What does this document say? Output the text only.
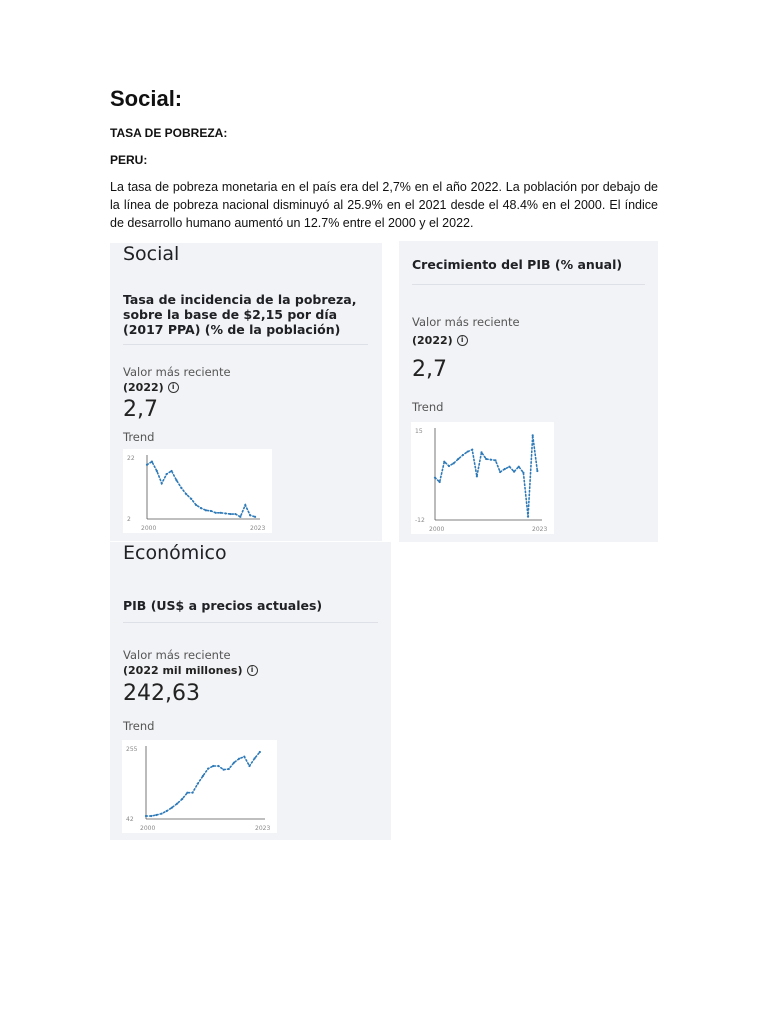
Social:

TASA DE POBREZA:

PERU:

La tasa de pobreza monetaria en el país era del 2,7% en el año 2022. La población por debajo de la línea de pobreza nacional disminuyó al 25.9% en el 2021 desde el 48.4% en el 2000. El índice de desarrollo humano aumentó un 12.7% entre el 2000 y el 2022.

Social

Tasa de incidencia de la pobreza, sobre la base de $2,15 por día (2017 PPA) (% de la población)

Valor más reciente
(2022)	i
2,7
Trend
22
2
2000	2023

Crecimiento del PIB (% anual)

Valor más reciente
(2022)	i
2,7
Trend
15
-12
2000	2023
Económico

PIB (US$ a precios actuales)

Valor más reciente
(2022 mil millones)	i
242,63
Trend
255
42
2000	2023
